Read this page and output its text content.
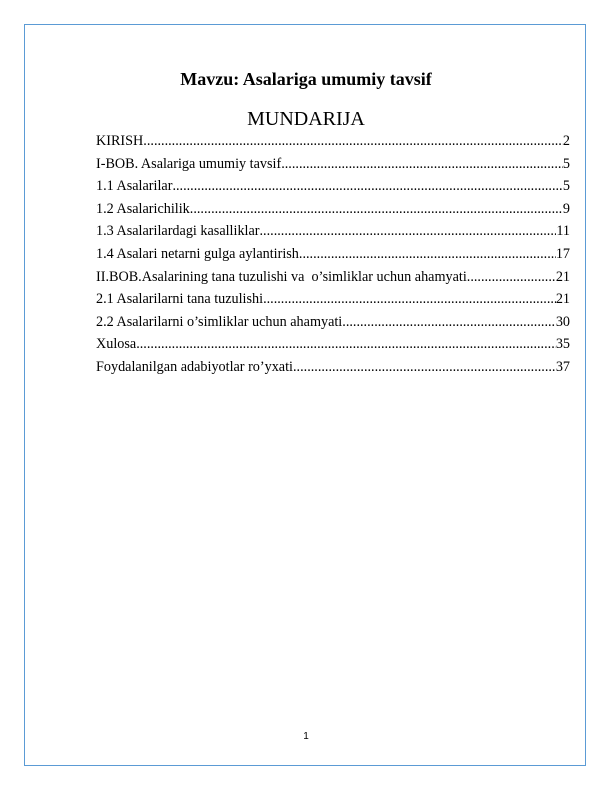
Mavzu: Asalariga umumiy tavsif
MUNDARIJA
KIRISH .....	2
I-BOB. Asalariga umumiy tavsif .....	5
1.1 Asalarilar .....	5
1.2 Asalarichilik .....	9
1.3 Asalarilardagi kasalliklar .....	11
1.4 Asalari netarni gulga aylantirish .....	17
II.BOB.Asalarining tana tuzulishi va  o’simliklar uchun ahamyati .....	21
2.1 Asalarilarni tana tuzulishi .....	21
2.2 Asalarilarni o’simliklar uchun ahamyati .....	30
Xulosa .....	35
Foydalanilgan adabiyotlar ro’yxati .....	37
1
